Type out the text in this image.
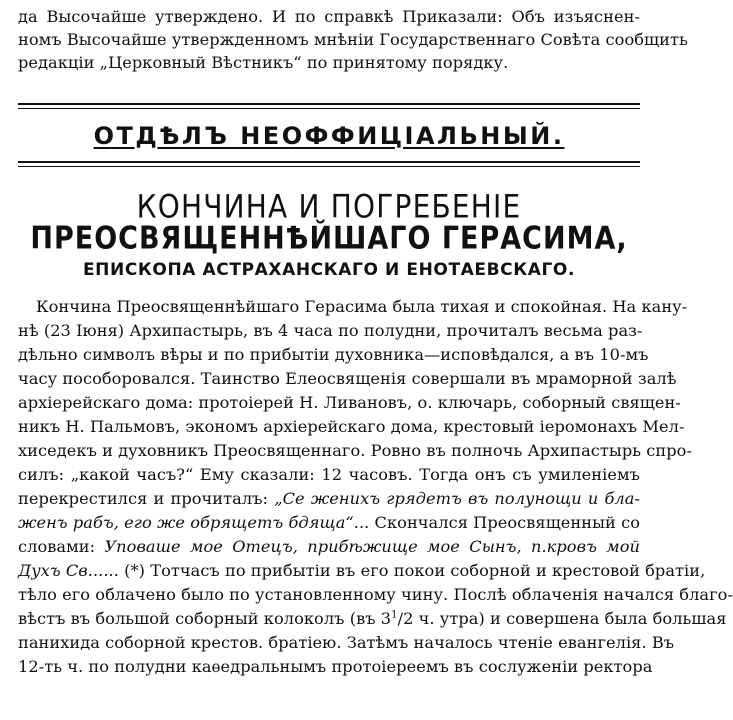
да Высочайше утверждено. И по справкѣ Приказали: Объ изъяснен-
номъ Высочайше утвержденномъ мнѣніи Государственнаго Совѣта сообщить
редакціи „Церковный Вѣстникъ“ по принятому порядку.
ОТДѢЛЪ НЕОФФИЦІАЛЬНЫЙ.
КОНЧИНА И ПОГРЕБЕНІЕ
ПРЕОСВЯЩЕННѢЙШАГО ГЕРАСИМА,
ЕПИСКОПА АСТРАХАНСКАГО И ЕНОТАЕВСКАГО.
Кончина Преосвященнѣйшаго Герасима была тихая и спокойная. На кану-
нѣ (23 Іюня) Архипастырь, въ 4 часа по полудни, прочиталъ весьма раз-
дѣльно символъ вѣры и по прибытіи духовника—исповѣдался, а въ 10-мъ
часу пособоровался. Таинство Елеосвященія совершали въ мраморной залѣ
архіерейскаго дома: протоіерей Н. Ливановъ, о. ключарь, соборный священ-
никъ Н. Пальмовъ, экономъ архіерейскаго дома, крестовый іеромонахъ Мел-
хиседекъ и духовникъ Преосвященнаго. Ровно въ полночь Архипастырь спро-
силъ: „какой часъ?“ Ему сказали: 12 часовъ. Тогда онъ съ умиленіемъ
перекрестился и прочиталъ: „Се женихъ грядетъ въ полунощи и бла-
женъ рабъ, его же обрящетъ бдяща“... Скончался Преосвященный со
словами: Уповаше мое Отецъ, прибѣжище мое Сынъ, п.кровъ мой
Духъ Св...... (*) Тотчасъ по прибытіи въ его покои соборной и крестовой братіи,
тѣло его облачено было по установленному чину. Послѣ облаченія начался благо-
вѣстъ въ большой соборный колоколъ (въ $3^1/2$ ч. утра) и совершена была большая
панихида соборной крестов. братіею. Затѣмъ началось чтеніе евангелія. Въ
12-ть ч. по полудни каѳедральнымъ протоіереемъ въ сослуженіи ректора
